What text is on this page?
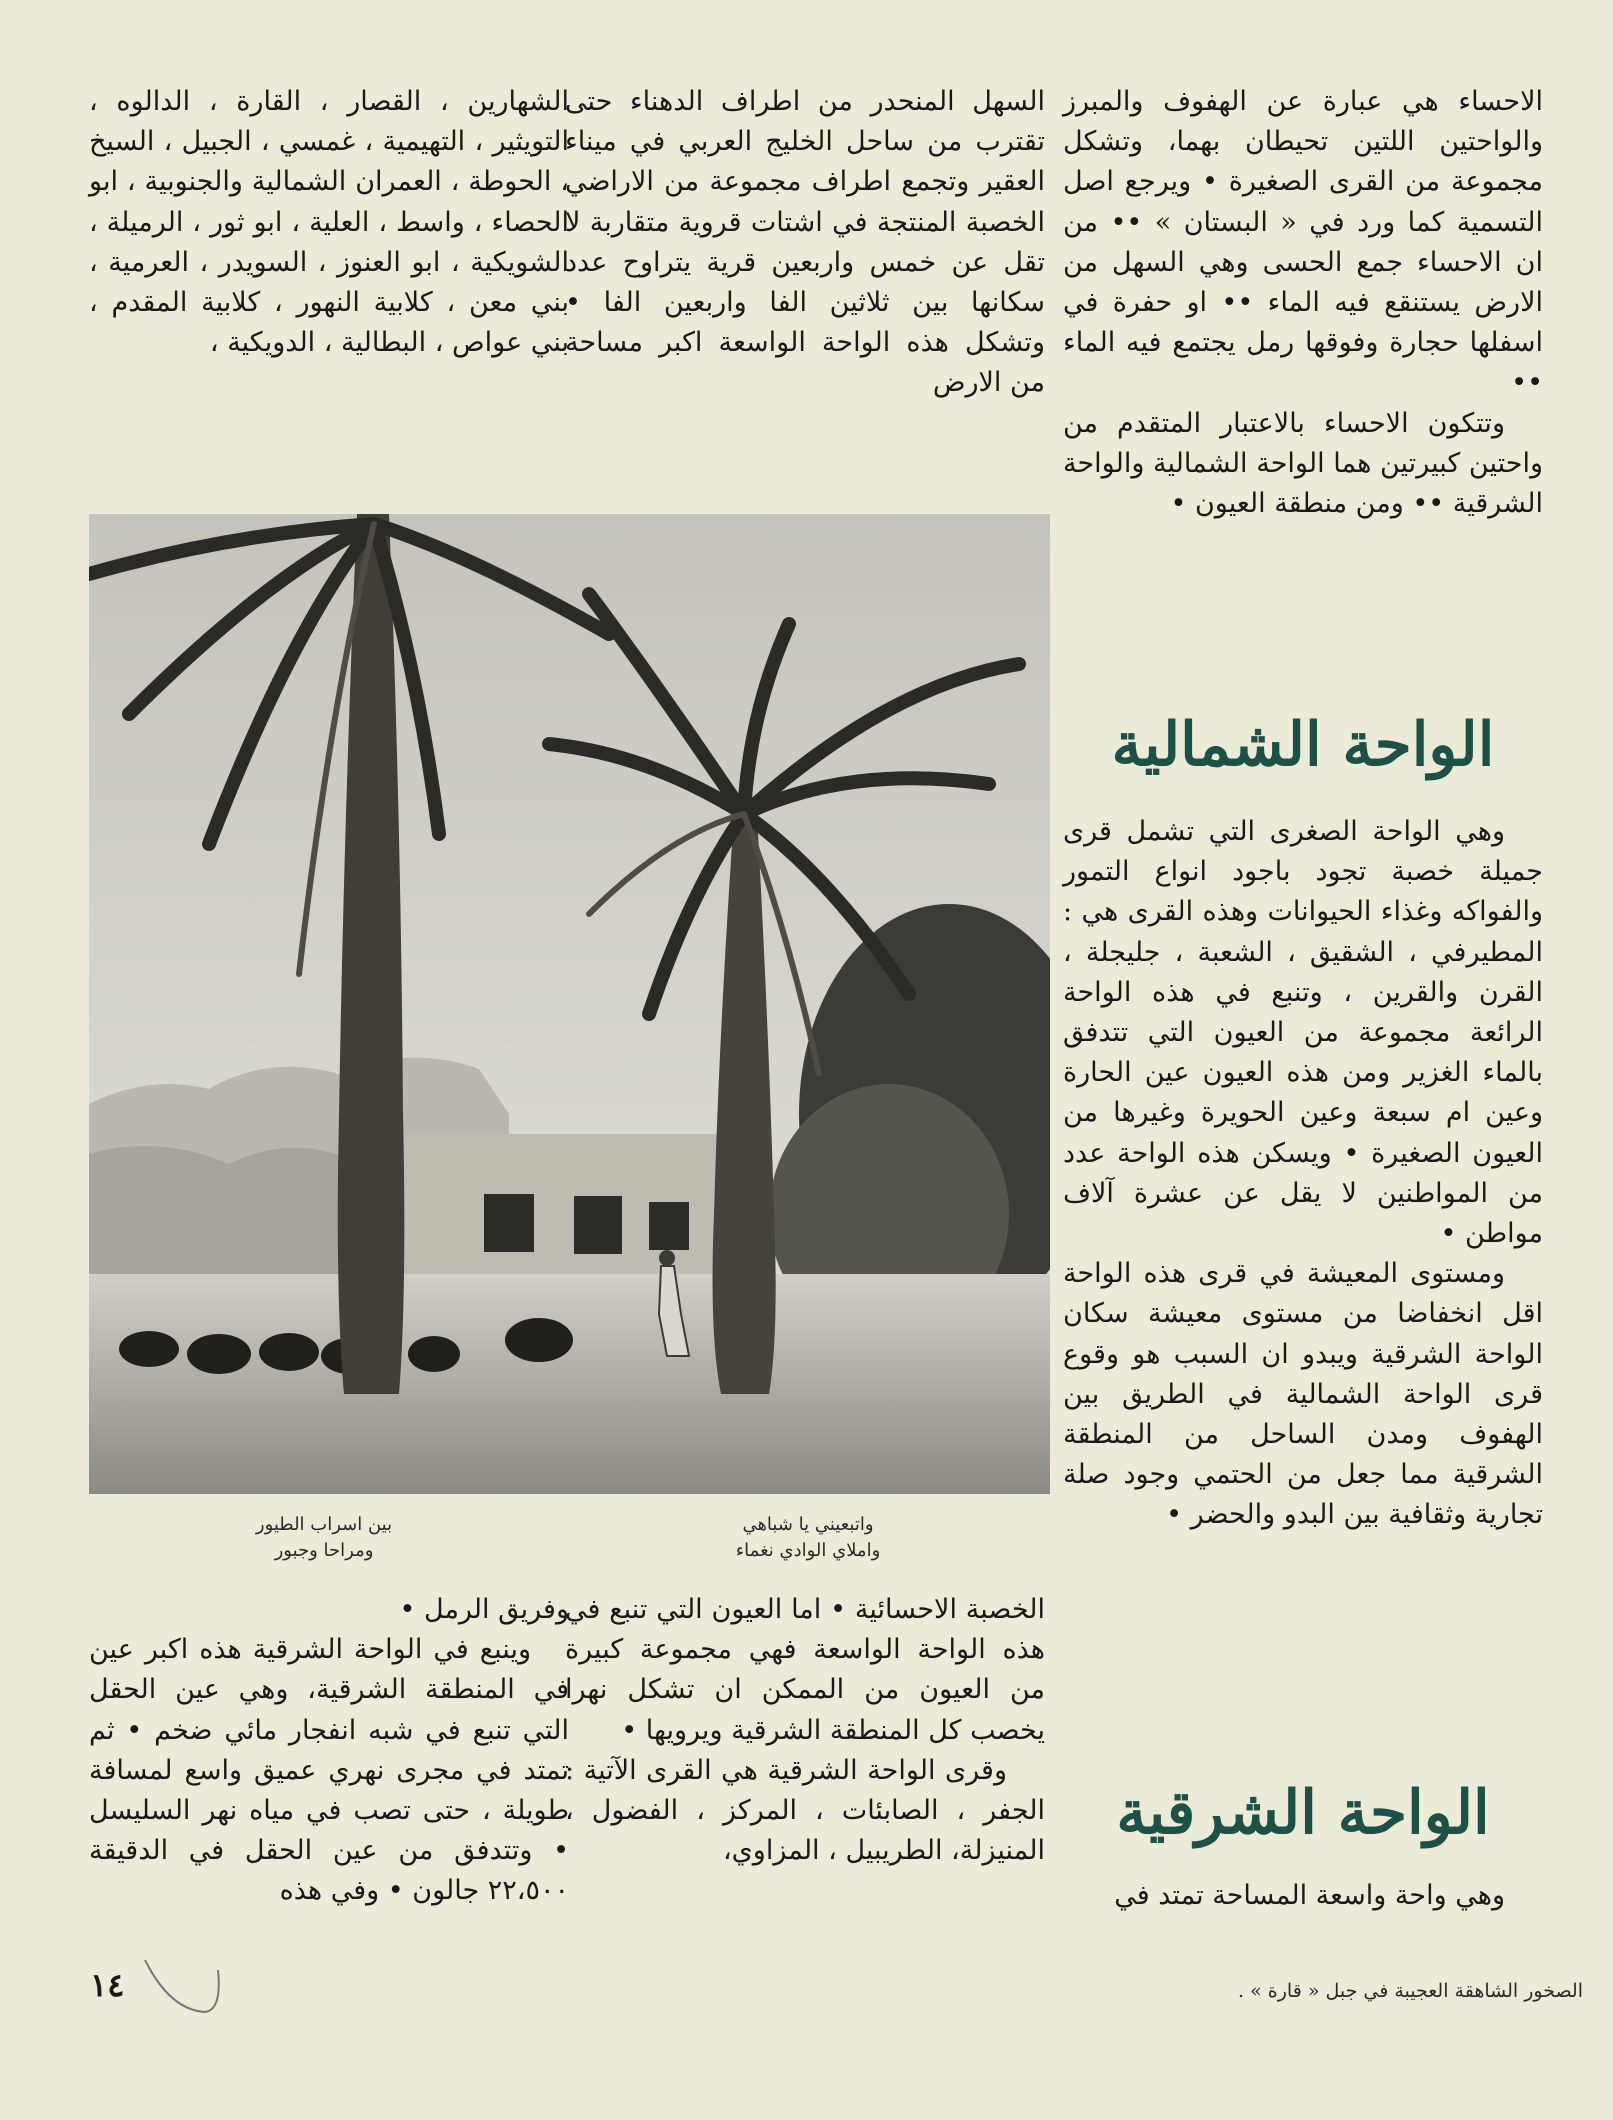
الاحساء هي عبارة عن الهفوف والمبرز والواحتين اللتين تحيطان بهما، وتشكل مجموعة من القرى الصغيرة • ويرجع اصل التسمية كما ورد في « البستان » •• من ان الاحساء جمع الحسى وهي السهل من الارض يستنقع فيه الماء •• او حفرة في اسفلها حجارة وفوقها رمل يجتمع فيه الماء ••

وتتكون الاحساء بالاعتبار المتقدم من واحتين كبيرتين هما الواحة الشمالية والواحة الشرقية •• ومن منطقة العيون •

الواحة الشمالية

وهي الواحة الصغرى التي تشمل قرى جميلة خصبة تجود باجود انواع التمور والفواكه وغذاء الحيوانات وهذه القرى هي : المطيرفي ، الشقيق ، الشعبة ، جليجلة ، القرن والقرين ، وتنبع في هذه الواحة الرائعة مجموعة من العيون التي تتدفق بالماء الغزير ومن هذه العيون عين الحارة وعين ام سبعة وعين الحويرة وغيرها من العيون الصغيرة • ويسكن هذه الواحة عدد من المواطنين لا يقل عن عشرة آلاف مواطن •

ومستوى المعيشة في قرى هذه الواحة اقل انخفاضا من مستوى معيشة سكان الواحة الشرقية ويبدو ان السبب هو وقوع قرى الواحة الشمالية في الطريق بين الهفوف ومدن الساحل من المنطقة الشرقية مما جعل من الحتمي وجود صلة تجارية وثقافية بين البدو والحضر •

الواحة الشرقية

وهي واحة واسعة المساحة تمتد في

السهل المنحدر من اطراف الدهناء حتى تقترب من ساحل الخليج العربي في ميناء العقير وتجمع اطراف مجموعة من الاراضي الخصبة المنتجة في اشتات قروية متقاربة لا تقل عن خمس واربعين قرية يتراوح عدد سكانها بين ثلاثين الفا واربعين الفا • وتشكل هذه الواحة الواسعة اكبر مساحة من الارض

الشهارين ، القصار ، القارة ، الدالوه ، التويثير ، التهيمية ، غمسي ، الجبيل ، السيخ ، الحوطة ، العمران الشمالية والجنوبية ، ابو الحصاء ، واسط ، العلية ، ابو ثور ، الرميلة ، الشويكية ، ابو العنوز ، السويدر ، العرمية ، بني معن ، كلابية النهور ، كلابية المقدم ، بني عواص ، البطالية ، الدويكية ،

واتبعيني يا شباهي
واملاي الوادي نغماء
بين اسراب الطيور
ومراحا وجبور

الخصبة الاحسائية • اما العيون التي تنبع في هذه الواحة الواسعة فهي مجموعة كبيرة من العيون من الممكن ان تشكل نهرا يخصب كل المنطقة الشرقية ويرويها •

وقرى الواحة الشرقية هي القرى الآتية : الجفر ، الصابئات ، المركز ، الفضول ، المنيزلة، الطريبيل ، المزاوي،

وفريق الرمل •

وينبع في الواحة الشرقية هذه اكبر عين في المنطقة الشرقية، وهي عين الحقل التي تنبع في شبه انفجار مائي ضخم • ثم تمتد في مجرى نهري عميق واسع لمسافة طويلة ، حتى تصب في مياه نهر السليسل • وتتدفق من عين الحقل في الدقيقة ٢٢،٥٠٠ جالون • وفي هذه

١٤	الصخور الشاهقة العجيبة في جبل « قارة » .
